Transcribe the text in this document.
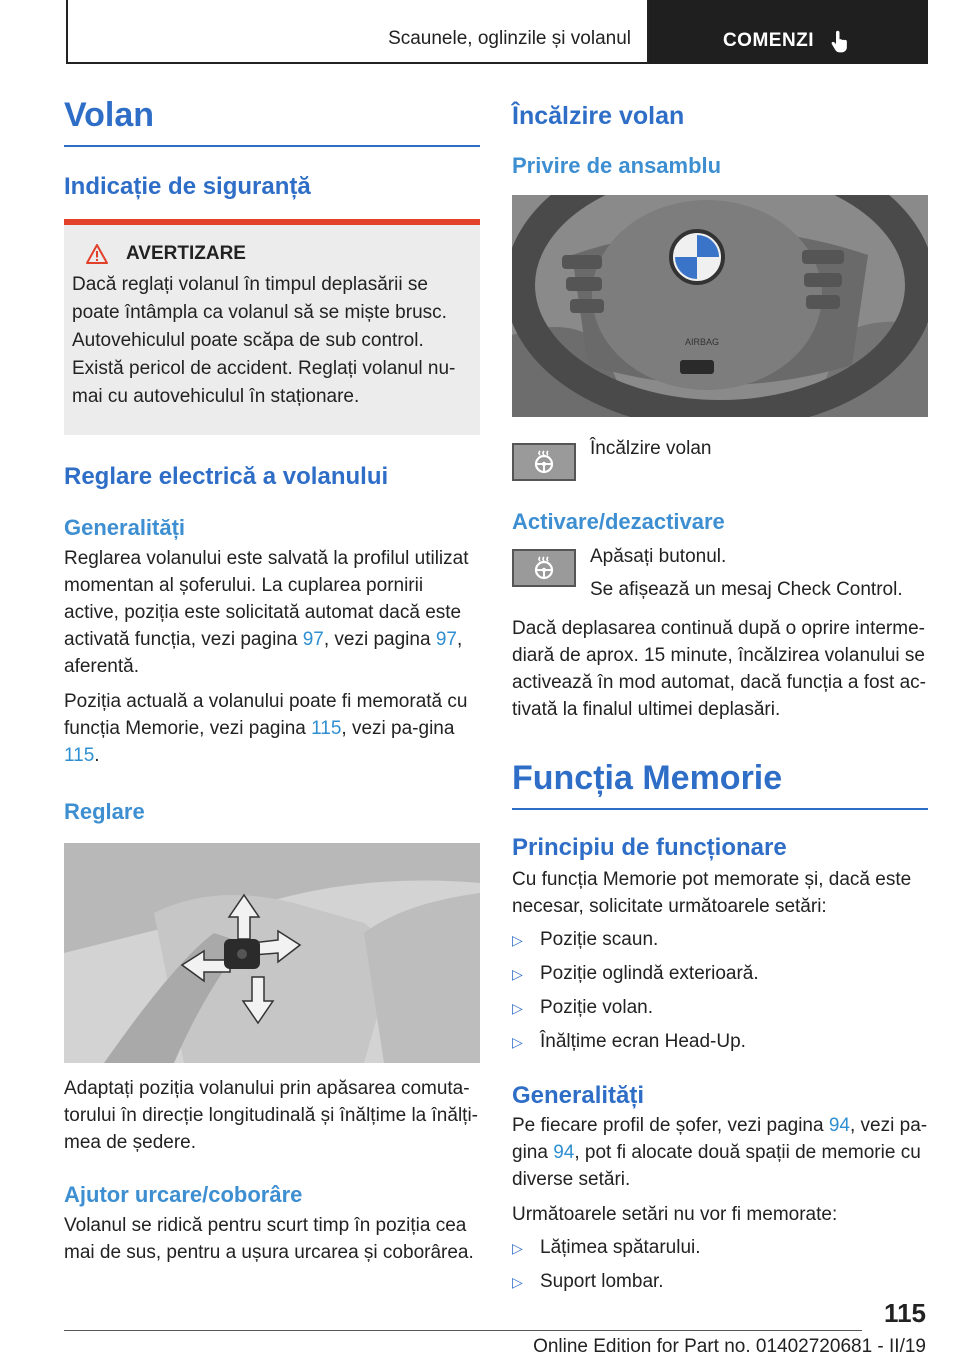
Scaunele, oglinzile și volanul	COMENZI
Volan
Indicație de siguranță
AVERTIZARE

Dacă reglați volanul în timpul deplasării se poate întâmpla ca volanul să se miște brusc. Autovehiculul poate scăpa de sub control. Există pericol de accident. Reglați volanul nu-mai cu autovehiculul în staționare.

Reglare electrică a volanului
Generalități

Reglarea volanului este salvată la profilul utilizat momentan al șoferului. La cuplarea pornirii active, poziția este solicitată automat dacă este activată funcția, vezi pagina 97, vezi pagina 97, aferentă.

Poziția actuală a volanului poate fi memorată cu funcția Memorie, vezi pagina 115, vezi pa-gina 115.

Reglare

Adaptați poziția volanului prin apăsarea comuta-torului în direcție longitudinală și înălțime la înălți-mea de ședere.

Ajutor urcare/coborâre

Volanul se ridică pentru scurt timp în poziția cea mai de sus, pentru a ușura urcarea și coborârea.

Încălzire volan
Privire de ansamblu
AIRBAG

Încălzire volan

Activare/dezactivare

Apăsați butonul.

Se afișează un mesaj Check Control.

Dacă deplasarea continuă după o oprire interme-diară de aprox. 15 minute, încălzirea volanului se activează în mod automat, dacă funcția a fost ac-tivată la finalul ultimei deplasări.

Funcția Memorie
Principiu de funcționare

Cu funcția Memorie pot memorate și, dacă este necesar, solicitate următoarele setări:

▷ Poziție scaun.
▷ Poziție oglindă exterioară.
▷ Poziție volan.
▷ Înălțime ecran Head-Up.
Generalități

Pe fiecare profil de șofer, vezi pagina 94, vezi pa-gina 94, pot fi alocate două spații de memorie cu diverse setări.

Următoarele setări nu vor fi memorate:

▷ Lățimea spătarului.
▷ Suport lombar.
115
Online Edition for Part no. 01402720681 - II/19
